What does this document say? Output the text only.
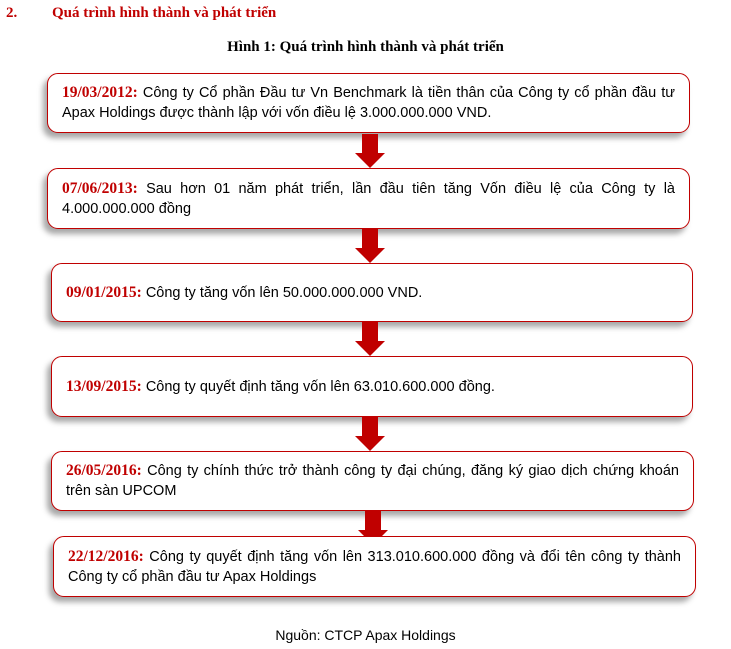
2. Quá trình hình thành và phát triển
Hình 1: Quá trình hình thành và phát triển

19/03/2012: Công ty Cổ phần Đầu tư Vn Benchmark là tiền thân của Công ty cổ phần đầu tư Apax Holdings được thành lập với vốn điều lệ 3.000.000.000 VND.

07/06/2013: Sau hơn 01 năm phát triển, lần đầu tiên tăng Vốn điều lệ của Công ty là 4.000.000.000 đồng

09/01/2015: Công ty tăng vốn lên 50.000.000.000 VND.

13/09/2015: Công ty quyết định tăng vốn lên 63.010.600.000 đồng.

26/05/2016: Công ty chính thức trở thành công ty đại chúng, đăng ký giao dịch chứng khoán trên sàn UPCOM

22/12/2016: Công ty quyết định tăng vốn lên 313.010.600.000 đồng và đổi tên công ty thành Công ty cổ phần đầu tư Apax Holdings

Nguồn: CTCP Apax Holdings
